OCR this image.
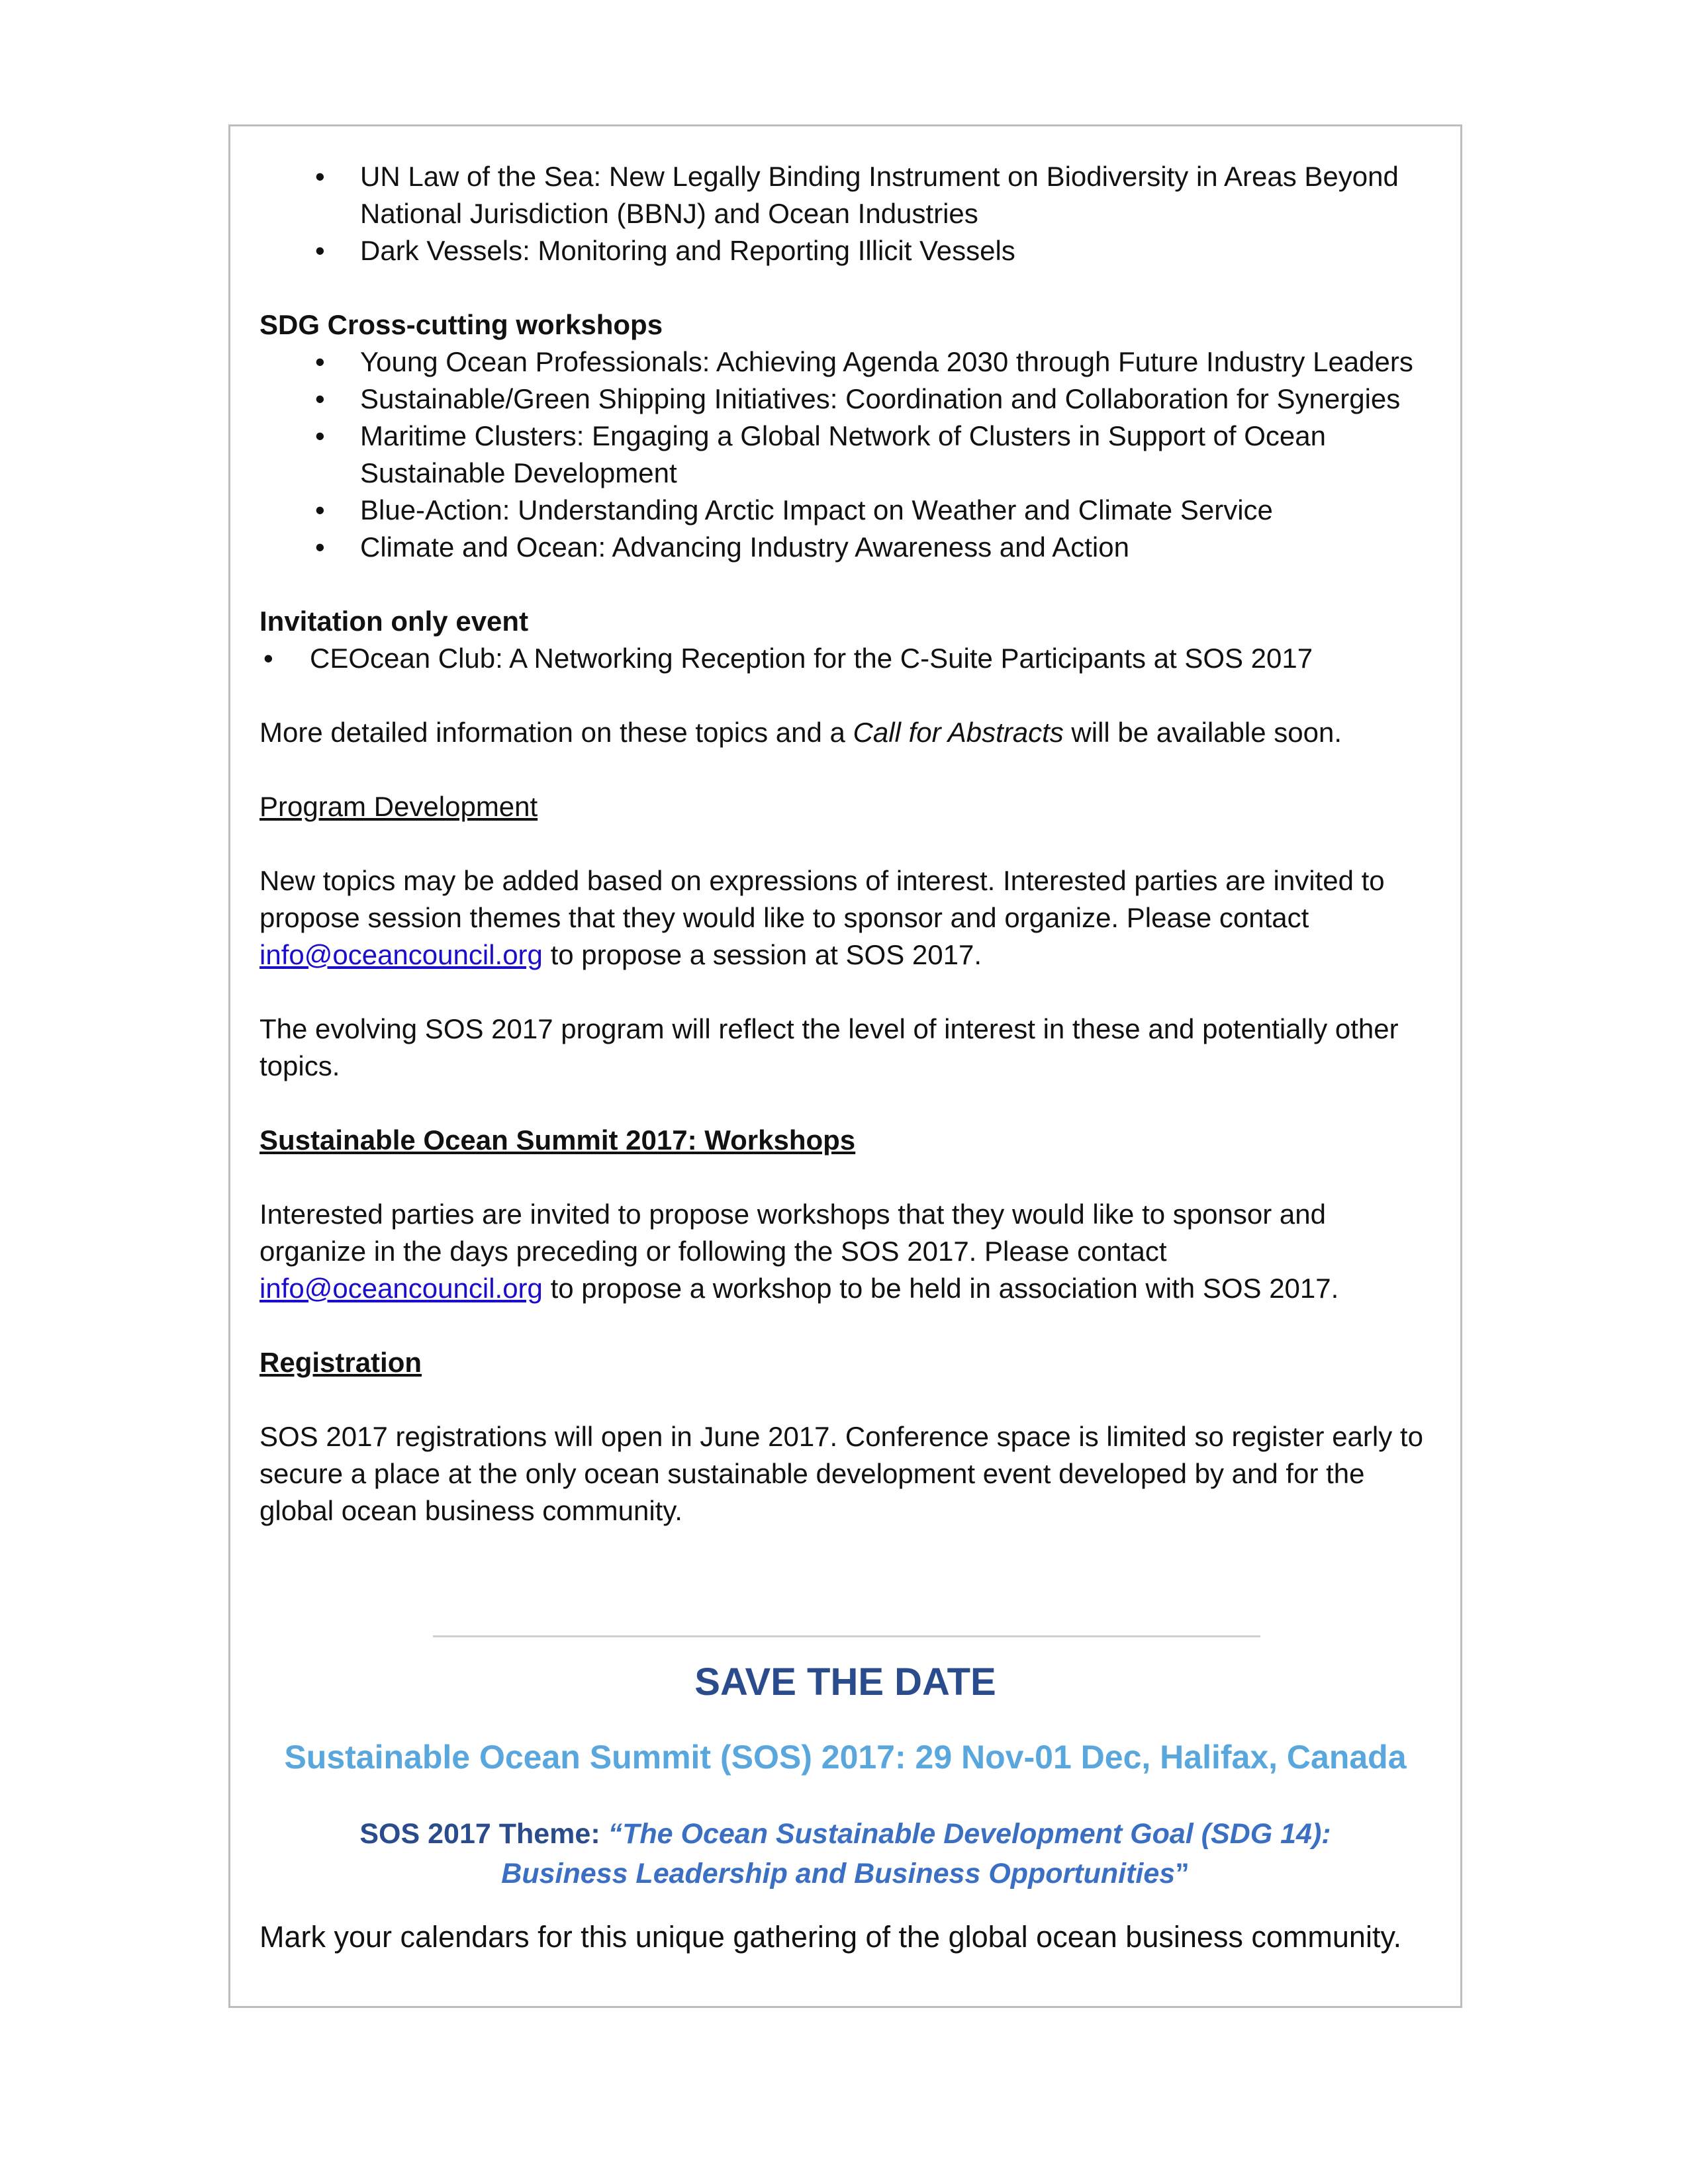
• UN Law of the Sea: New Legally Binding Instrument on Biodiversity in Areas Beyond National Jurisdiction (BBNJ) and Ocean Industries
• Dark Vessels: Monitoring and Reporting Illicit Vessels

SDG Cross-cutting workshops

• Young Ocean Professionals: Achieving Agenda 2030 through Future Industry Leaders
• Sustainable/Green Shipping Initiatives: Coordination and Collaboration for Synergies
• Maritime Clusters: Engaging a Global Network of Clusters in Support of Ocean Sustainable Development
• Blue-Action: Understanding Arctic Impact on Weather and Climate Service
• Climate and Ocean: Advancing Industry Awareness and Action

Invitation only event

• CEOcean Club: A Networking Reception for the C-Suite Participants at SOS 2017

More detailed information on these topics and a Call for Abstracts will be available soon.

Program Development

New topics may be added based on expressions of interest. Interested parties are invited to propose session themes that they would like to sponsor and organize. Please contact info@oceancouncil.org to propose a session at SOS 2017.

The evolving SOS 2017 program will reflect the level of interest in these and potentially other topics.

Sustainable Ocean Summit 2017: Workshops

Interested parties are invited to propose workshops that they would like to sponsor and organize in the days preceding or following the SOS 2017. Please contact info@oceancouncil.org to propose a workshop to be held in association with SOS 2017.

Registration

SOS 2017 registrations will open in June 2017. Conference space is limited so register early to secure a place at the only ocean sustainable development event developed by and for the global ocean business community.

SAVE THE DATE
Sustainable Ocean Summit (SOS) 2017: 29 Nov-01 Dec, Halifax, Canada
SOS 2017 Theme: “The Ocean Sustainable Development Goal (SDG 14):
Business Leadership and Business Opportunities”
Mark your calendars for this unique gathering of the global ocean business community.
